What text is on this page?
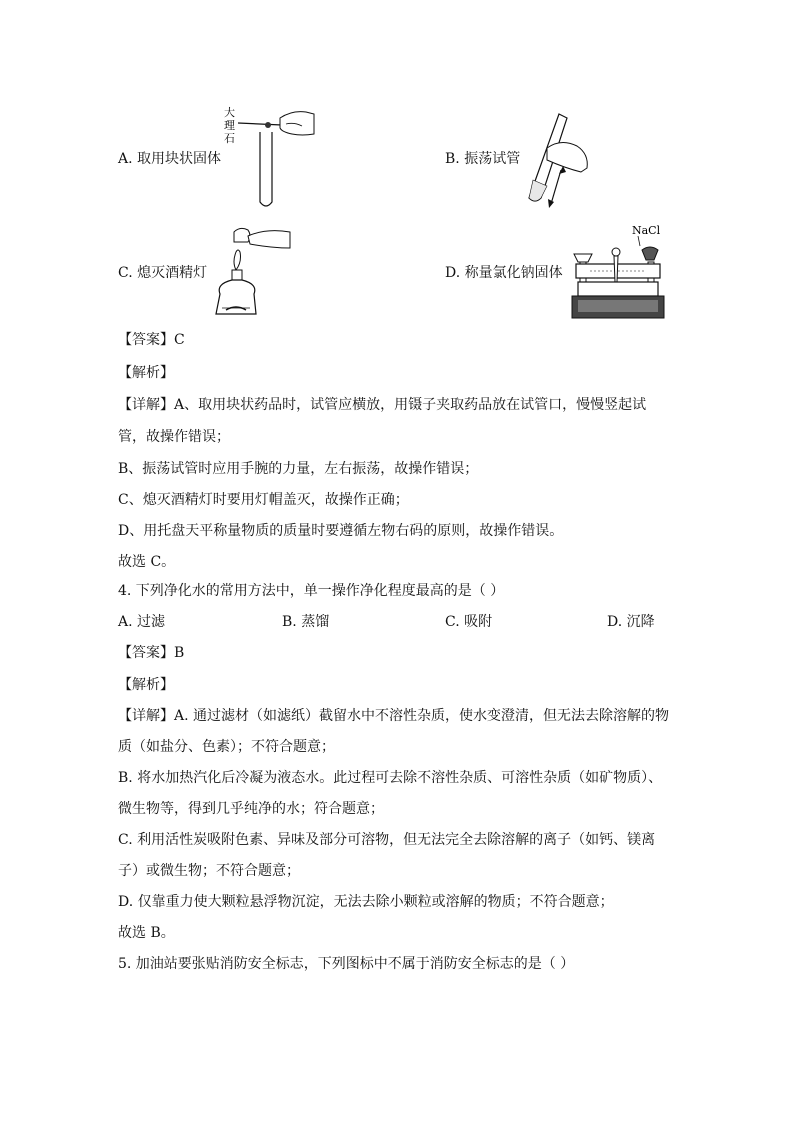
A. 取用块状固体
大
理
石
B. 振荡试管
C. 熄灭酒精灯	D. 称量氯化钠固体
NaCl
【答案】C
【解析】
【详解】A、取用块状药品时，试管应横放，用镊子夹取药品放在试管口，慢慢竖起试
管，故操作错误；
B、振荡试管时应用手腕的力量，左右振荡，故操作错误；
C、熄灭酒精灯时要用灯帽盖灭，故操作正确；
D、用托盘天平称量物质的质量时要遵循左物右码的原则，故操作错误。
故选 C。
4. 下列净化水的常用方法中，单一操作净化程度最高的是（ ）
A. 过滤	B. 蒸馏	C. 吸附	D. 沉降
【答案】B
【解析】
【详解】A. 通过滤材（如滤纸）截留水中不溶性杂质，使水变澄清，但无法去除溶解的物
质（如盐分、色素）；不符合题意；
B. 将水加热汽化后冷凝为液态水。此过程可去除不溶性杂质、可溶性杂质（如矿物质）、
微生物等，得到几乎纯净的水；符合题意；
C. 利用活性炭吸附色素、异味及部分可溶物，但无法完全去除溶解的离子（如钙、镁离
子）或微生物；不符合题意；
D. 仅靠重力使大颗粒悬浮物沉淀，无法去除小颗粒或溶解的物质；不符合题意；
故选 B。
5. 加油站要张贴消防安全标志，下列图标中不属于消防安全标志的是（ ）
